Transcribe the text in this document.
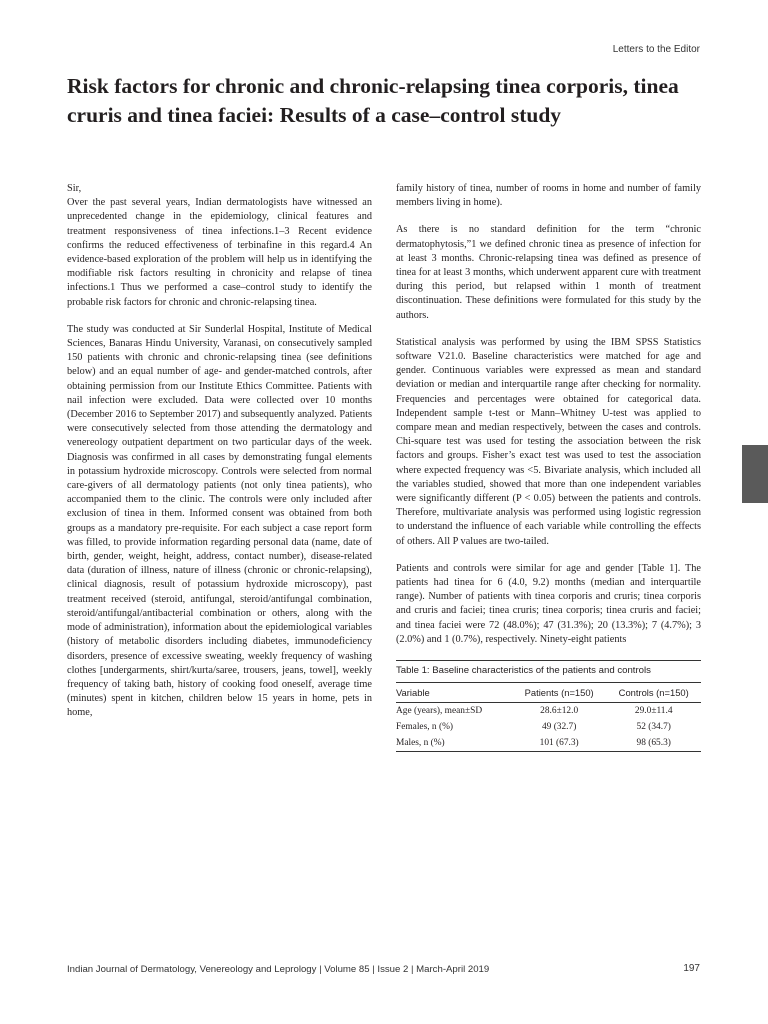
Letters to the Editor
Risk factors for chronic and chronic-relapsing tinea corporis, tinea cruris and tinea faciei: Results of a case–control study

Sir,

Over the past several years, Indian dermatologists have witnessed an unprecedented change in the epidemiology, clinical features and treatment responsiveness of tinea infections.1–3 Recent evidence confirms the reduced effectiveness of terbinafine in this regard.4 An evidence-based exploration of the problem will help us in identifying the modifiable risk factors resulting in chronicity and relapse of tinea infections.1 Thus we performed a case–control study to identify the probable risk factors for chronic and chronic-relapsing tinea.

The study was conducted at Sir Sunderlal Hospital, Institute of Medical Sciences, Banaras Hindu University, Varanasi, on consecutively sampled 150 patients with chronic and chronic-relapsing tinea (see definitions below) and an equal number of age- and gender-matched controls, after obtaining permission from our Institute Ethics Committee. Patients with nail infection were excluded. Data were collected over 10 months (December 2016 to September 2017) and subsequently analyzed. Patients were consecutively selected from those attending the dermatology and venereology outpatient department on two particular days of the week. Diagnosis was confirmed in all cases by demonstrating fungal elements in potassium hydroxide microscopy. Controls were selected from normal care-givers of all dermatology patients (not only tinea patients), who accompanied them to the clinic. The controls were only included after exclusion of tinea in them. Informed consent was obtained from both groups as a mandatory pre-requisite. For each subject a case report form was filled, to provide information regarding personal data (name, date of birth, gender, weight, height, address, contact number), disease-related data (duration of illness, nature of illness (chronic or chronic-relapsing), clinical diagnosis, result of potassium hydroxide microscopy), past treatment received (steroid, antifungal, steroid/antifungal combination, steroid/antifungal/antibacterial combination or others, along with the mode of administration), information about the epidemiological variables (history of metabolic disorders including diabetes, immunodeficiency disorders, presence of excessive sweating, weekly frequency of washing clothes [undergarments, shirt/kurta/saree, trousers, jeans, towel], weekly frequency of taking bath, history of cooking food oneself, average time (minutes) spent in kitchen, children below 15 years in home, pets in home,

family history of tinea, number of rooms in home and number of family members living in home).

As there is no standard definition for the term “chronic dermatophytosis,”1 we defined chronic tinea as presence of infection for at least 3 months. Chronic-relapsing tinea was defined as presence of tinea for at least 3 months, which underwent apparent cure with treatment during this period, but relapsed within 1 month of treatment discontinuation. These definitions were formulated for this study by the authors.

Statistical analysis was performed by using the IBM SPSS Statistics software V21.0. Baseline characteristics were matched for age and gender. Continuous variables were expressed as mean and standard deviation or median and interquartile range after checking for normality. Frequencies and percentages were obtained for categorical data. Independent sample t-test or Mann–Whitney U-test was applied to compare mean and median respectively, between the cases and controls. Chi-square test was used for testing the association between the risk factors and groups. Fisher’s exact test was used to test the association where expected frequency was <5. Bivariate analysis, which included all the variables studied, showed that more than one independent variables were significantly different (P < 0.05) between the patients and controls. Therefore, multivariate analysis was performed using logistic regression to understand the influence of each variable while controlling the effects of others. All P values are two-tailed.

Patients and controls were similar for age and gender [Table 1]. The patients had tinea for 6 (4.0, 9.2) months (median and interquartile range). Number of patients with tinea corporis and cruris; tinea corporis and cruris and faciei; tinea cruris; tinea corporis; tinea cruris and faciei; and tinea faciei were 72 (48.0%); 47 (31.3%); 20 (13.3%); 7 (4.7%); 3 (2.0%) and 1 (0.7%), respectively. Ninety-eight patients

Table 1: Baseline characteristics of the patients and controls
Variable	Patients (n=150)	Controls (n=150)
Age (years), mean±SD	28.6±12.0	29.0±11.4
Females, n (%)	49 (32.7)	52 (34.7)
Males, n (%)	101 (67.3)	98 (65.3)
Indian Journal of Dermatology, Venereology and Leprology | Volume 85 | Issue 2 | March-April 2019	197
